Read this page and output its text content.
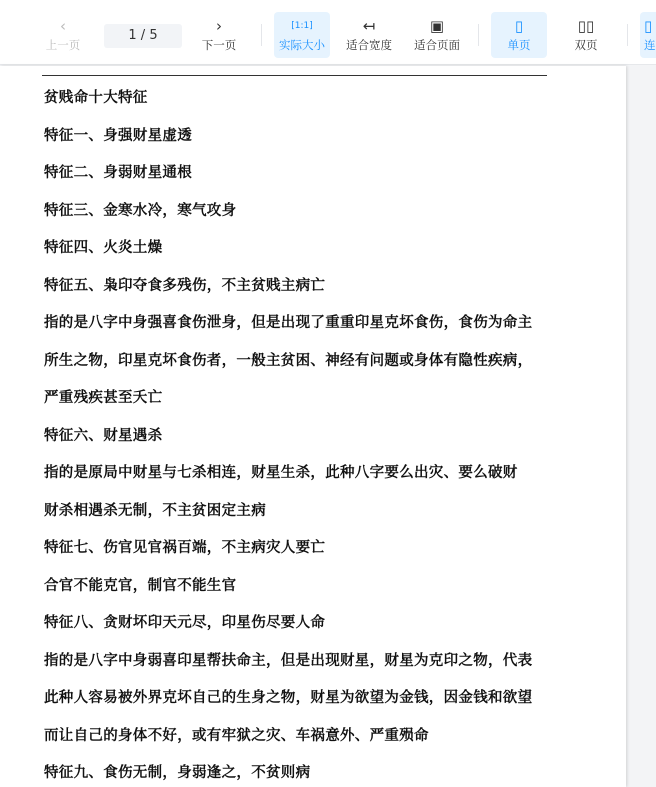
‹
上一页
1 / 5
›
下一页
[1:1]
实际大小
↤
适合宽度
▣
适合页面
▯
单页
▯▯
双页
▯
连
贫贱命十大特征
特征一、身强财星虚透
特征二、身弱财星通根
特征三、金寒水冷，寒气攻身
特征四、火炎土燥
特征五、枭印夺食多残伤，不主贫贱主病亡
指的是八字中身强喜食伤泄身，但是出现了重重印星克坏食伤，食伤为命主
所生之物，印星克坏食伤者，一般主贫困、神经有问题或身体有隐性疾病，
严重残疾甚至夭亡
特征六、财星遇杀
指的是原局中财星与七杀相连，财星生杀，此种八字要么出灾、要么破财
财杀相遇杀无制，不主贫困定主病
特征七、伤官见官祸百端，不主病灾人要亡
合官不能克官，制官不能生官
特征八、贪财坏印天元尽，印星伤尽要人命
指的是八字中身弱喜印星帮扶命主，但是出现财星，财星为克印之物，代表
此种人容易被外界克坏自己的生身之物，财星为欲望为金钱，因金钱和欲望
而让自己的身体不好，或有牢狱之灾、车祸意外、严重殒命
特征九、食伤无制，身弱逢之，不贫则病
